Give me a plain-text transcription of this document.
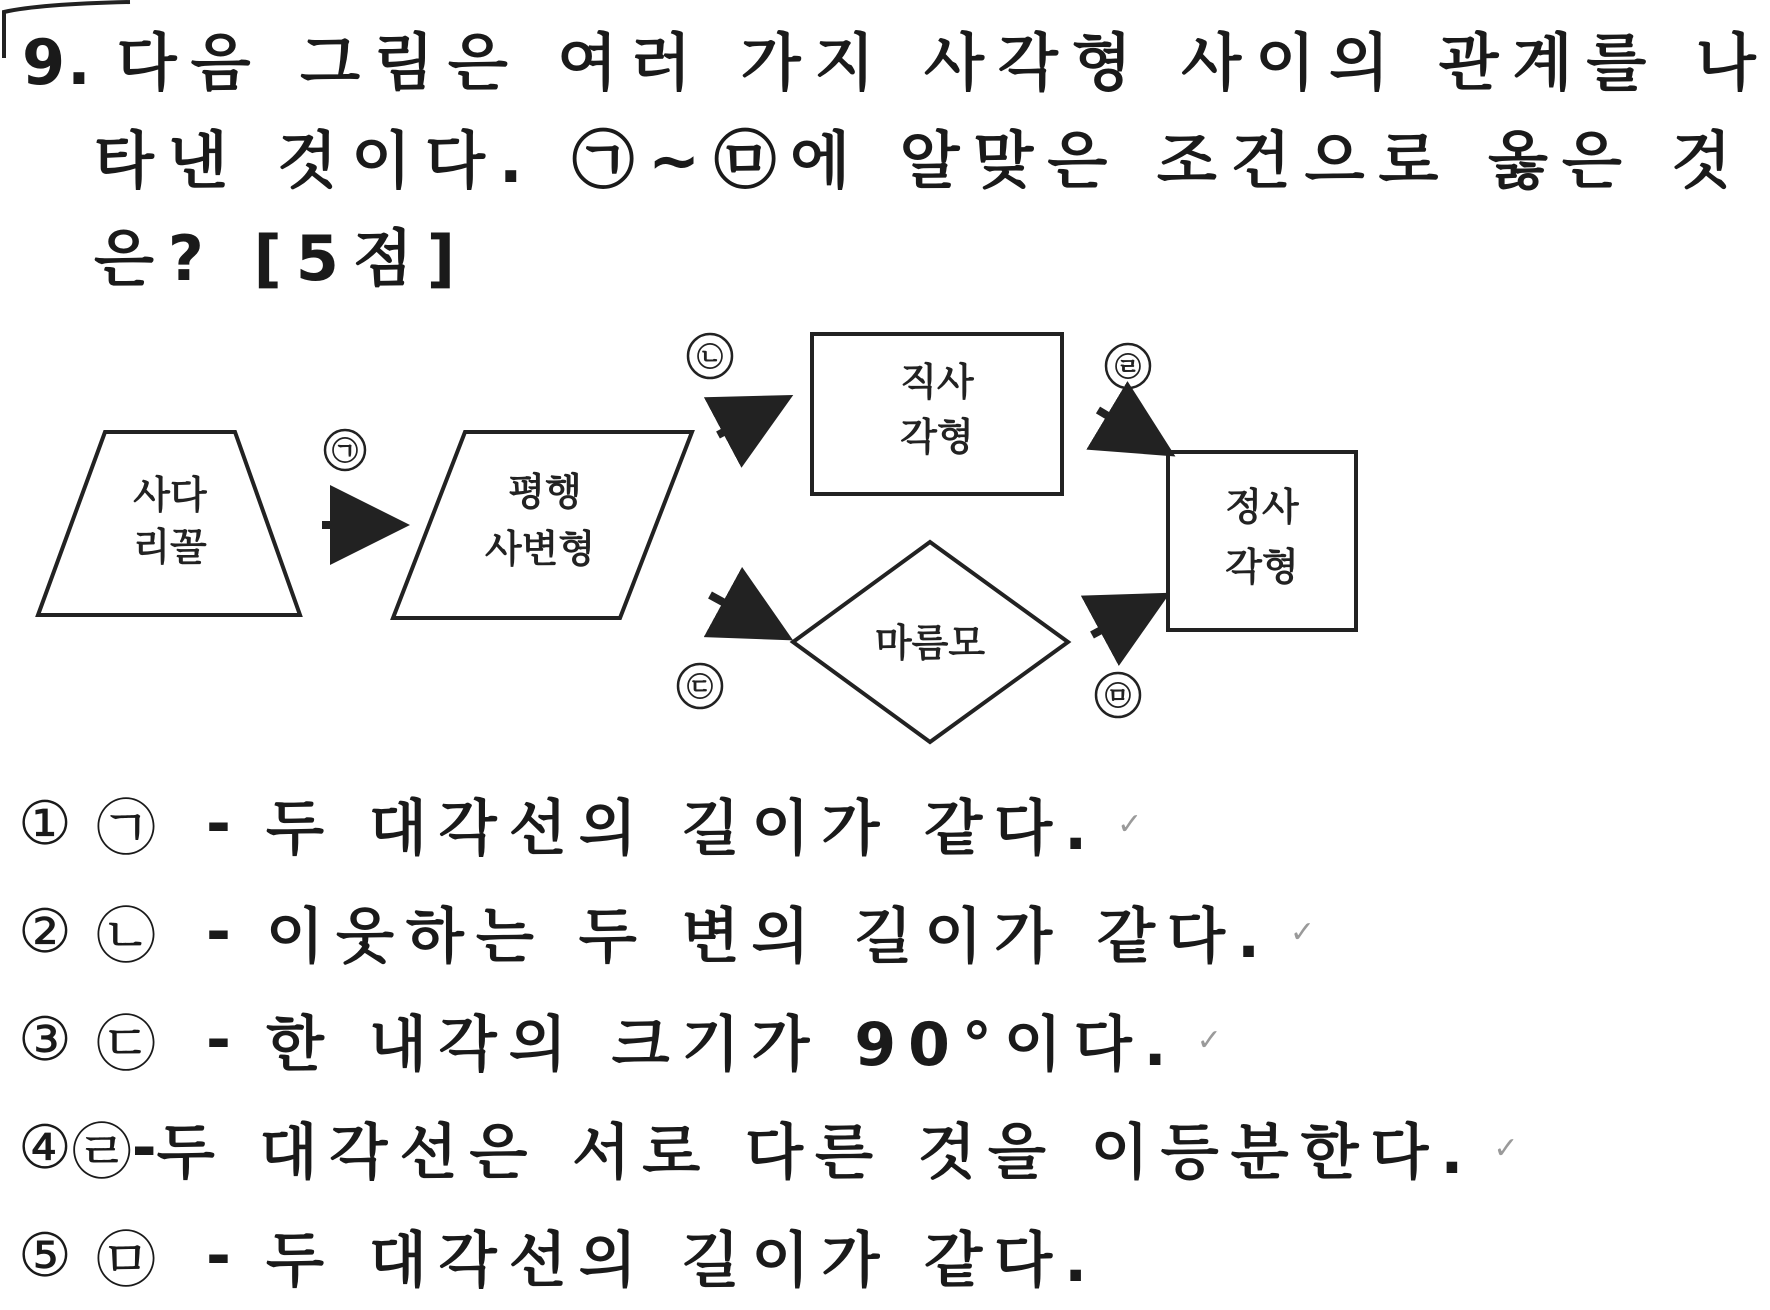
9. 다음 그림은 여러 가지 사각형 사이의 관계를 나
타낸 것이다. ㉠~㉤에 알맞은 조건으로 옳은 것
은? [5점]
사다
리꼴
㉠
평행
사변형
㉡
㉢
직사
각형
마름모
㉣
㉤
정사
각형
① ㉠ - 두 대각선의 길이가 같다. ✓
② ㉡ - 이웃하는 두 변의 길이가 같다. ✓
③ ㉢ - 한 내각의 크기가 90°이다. ✓
④ ㉣ - 두 대각선은 서로 다른 것을 이등분한다. ✓
⑤ ㉤ - 두 대각선의 길이가 같다.
